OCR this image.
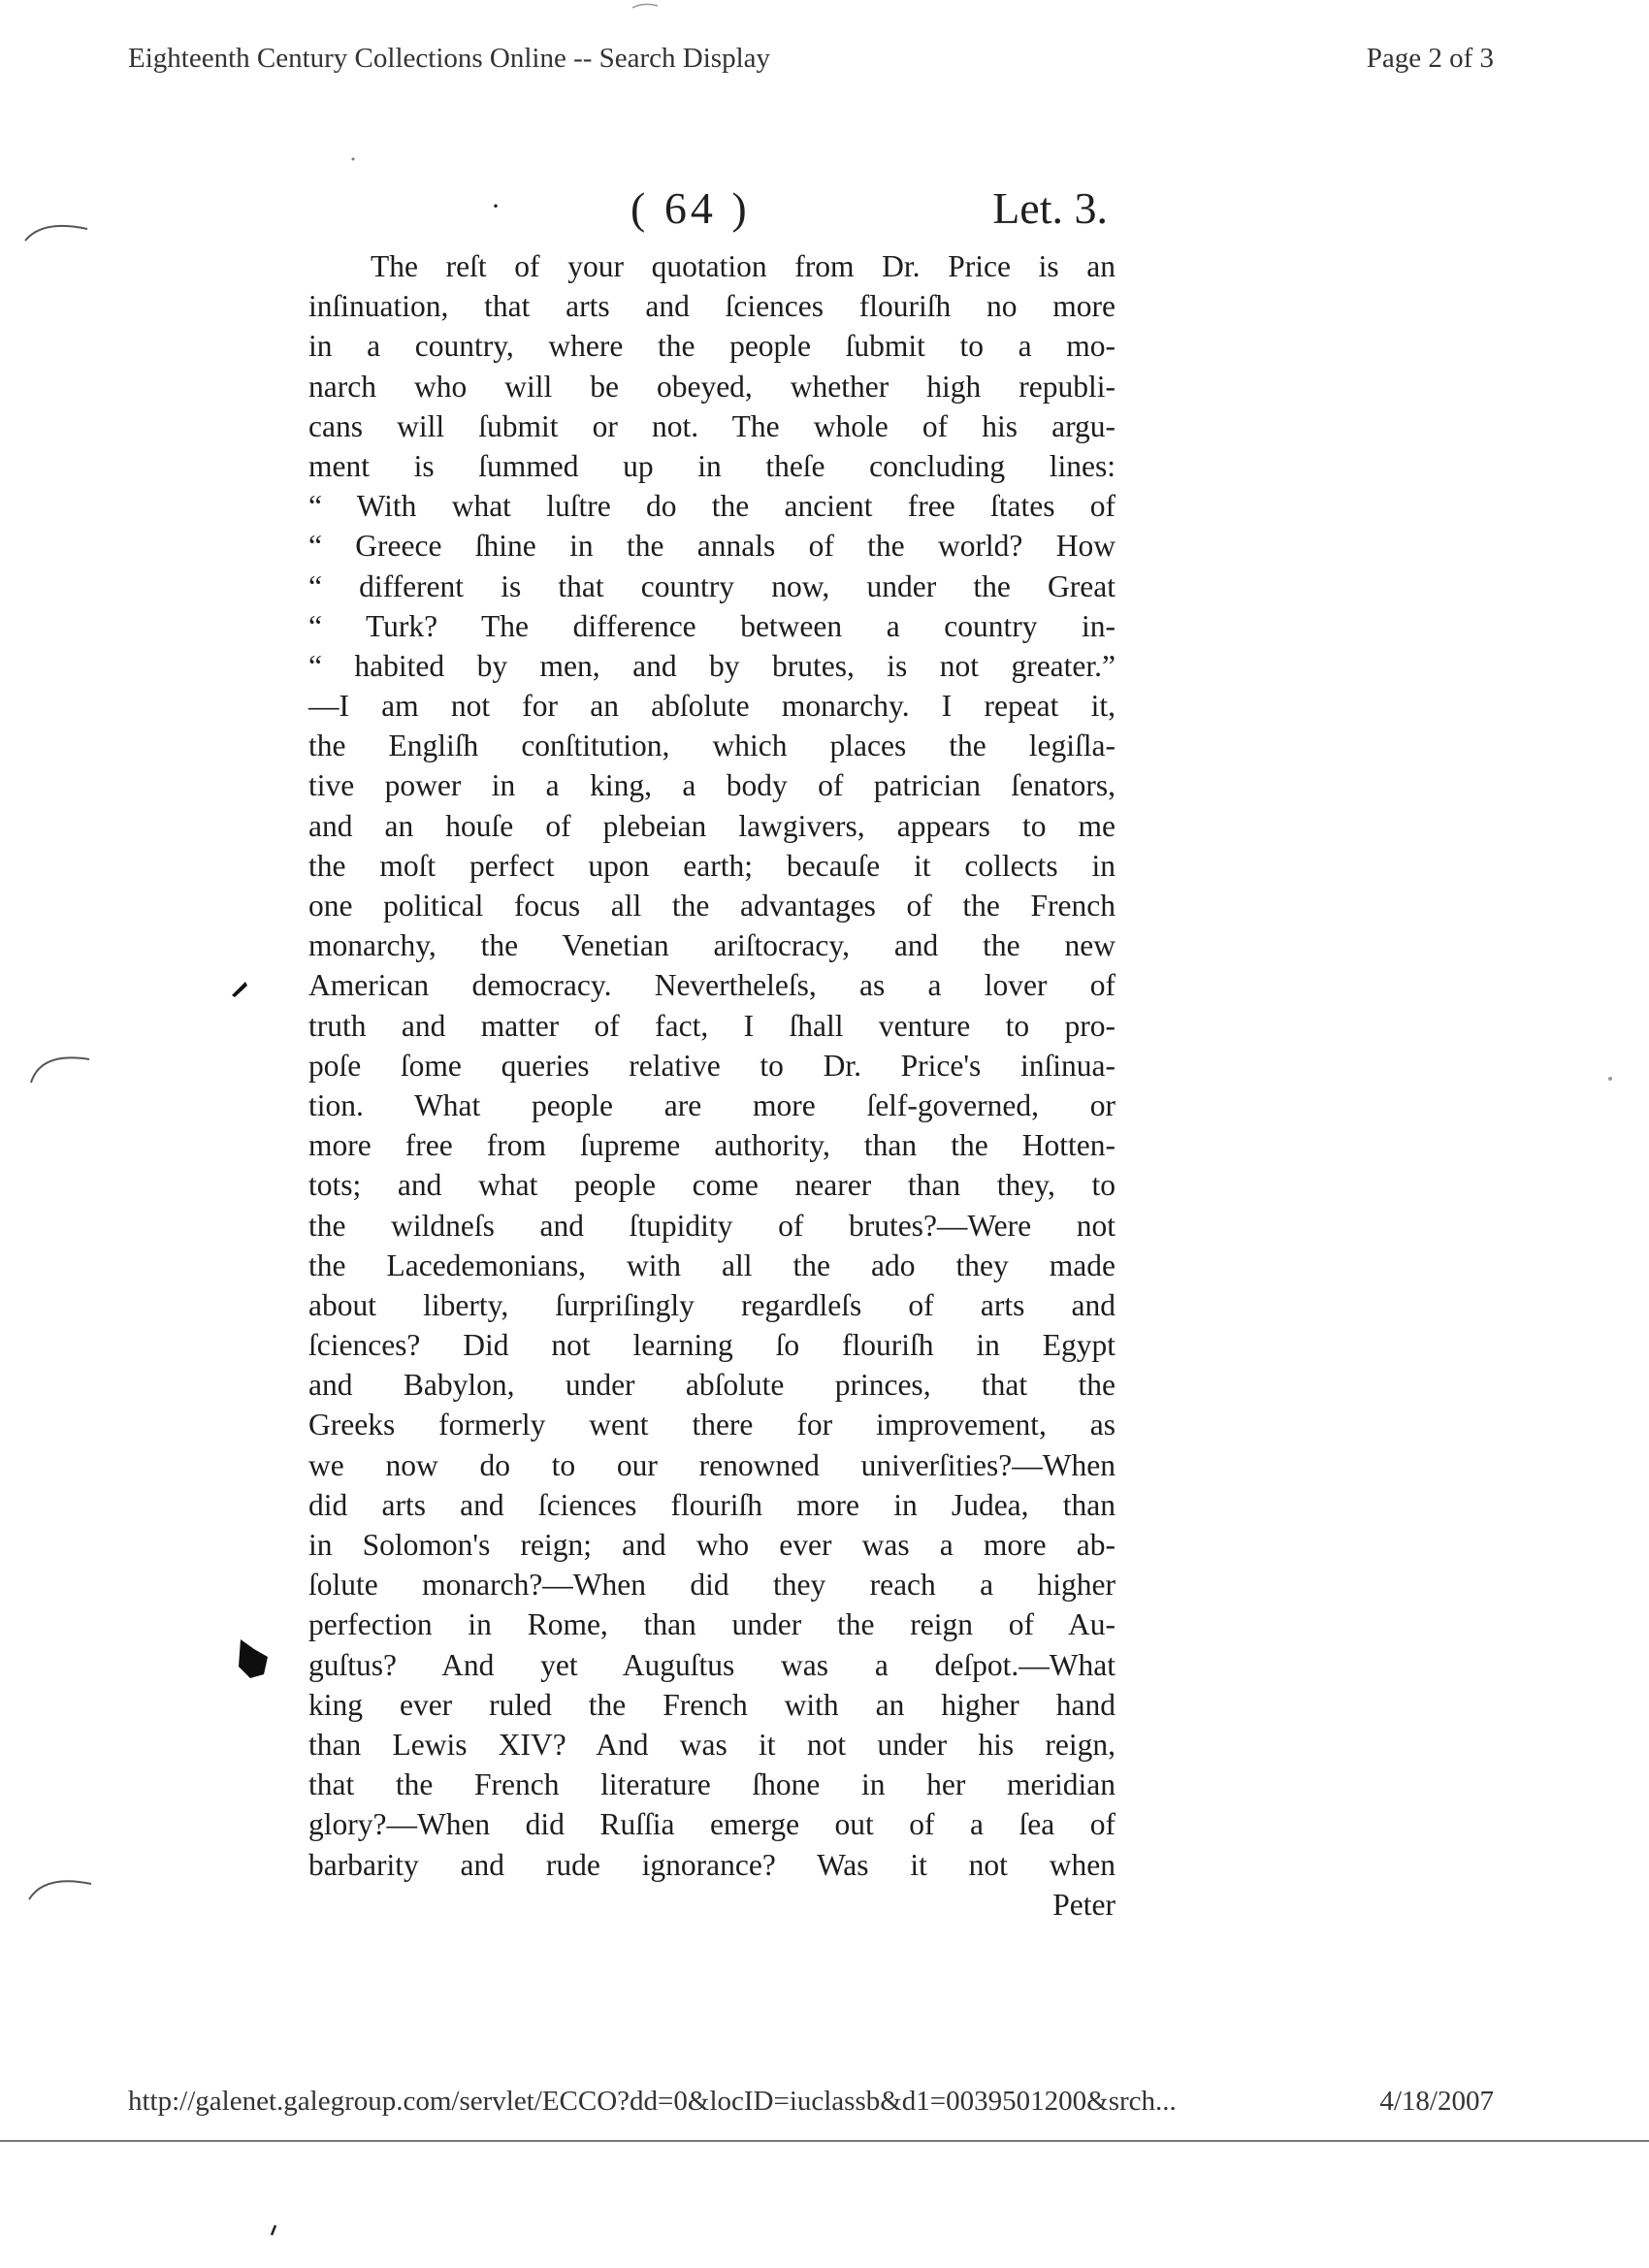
Eighteenth Century Collections Online -- Search Display	Page 2 of 3
·	( 64 )	Let. 3.
The reſt of your quotation from Dr. Price is an
inſinuation, that arts and ſciences flouriſh no more
in a country, where the people ſubmit to a mo-
narch who will be obeyed, whether high republi-
cans will ſubmit or not. The whole of his argu-
ment is ſummed up in theſe concluding lines:
“ With what luſtre do the ancient free ſtates of
“ Greece ſhine in the annals of the world? How
“ different is that country now, under the Great
“ Turk? The difference between a country in-
“ habited by men, and by brutes, is not greater.”
—I am not for an abſolute monarchy. I repeat it,
the Engliſh conſtitution, which places the legiſla-
tive power in a king, a body of patrician ſenators,
and an houſe of plebeian lawgivers, appears to me
the moſt perfect upon earth; becauſe it collects in
one political focus all the advantages of the French
monarchy, the Venetian ariſtocracy, and the new
American democracy. Neverthelеſs, as a lover of
truth and matter of fact, I ſhall venture to pro-
poſe ſome queries relative to Dr. Price's inſinua-
tion. What people are more ſelf-governed, or
more free from ſupreme authority, than the Hotten-
tots; and what people come nearer than they, to
the wildneſs and ſtupidity of brutes?—Were not
the Lacedemonians, with all the ado they made
about liberty, ſurpriſingly regardleſs of arts and
ſciences? Did not learning ſo flouriſh in Egypt
and Babylon, under abſolute princes, that the
Greeks formerly went there for improvement, as
we now do to our renowned univerſities?—When
did arts and ſciences flouriſh more in Judea, than
in Solomon's reign; and who ever was a more ab-
ſolute monarch?—When did they reach a higher
perfection in Rome, than under the reign of Au-
guſtus? And yet Auguſtus was a deſpot.—What
king ever ruled the French with an higher hand
than Lewis XIV? And was it not under his reign,
that the French literature ſhone in her meridian
glory?—When did Ruſſia emerge out of a ſea of
barbarity and rude ignorance? Was it not when
Peter
http://galenet.galegroup.com/servlet/ECCO?dd=0&locID=iuclassb&d1=0039501200&srch...	4/18/2007
